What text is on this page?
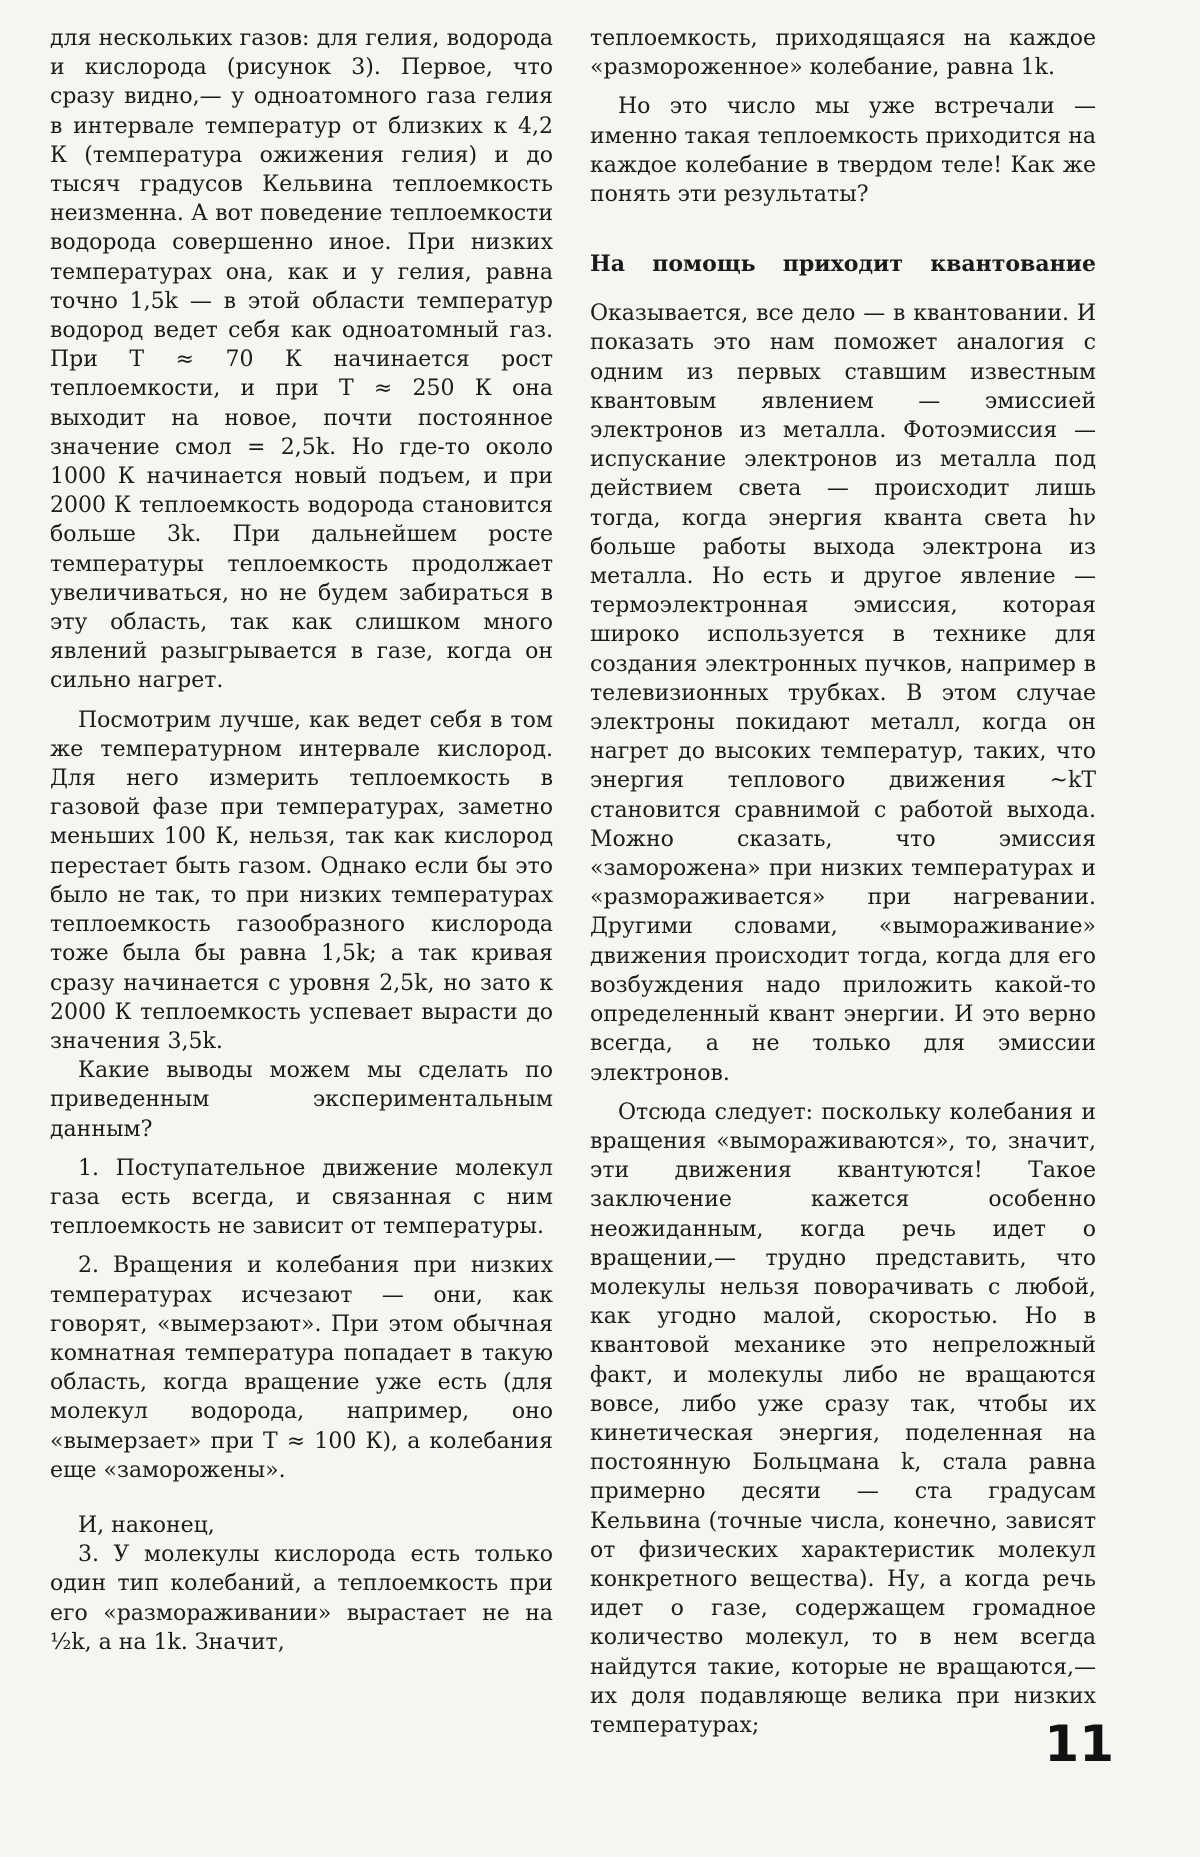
для нескольких газов: для гелия, водорода и кислорода (рисунок 3). Первое, что сразу видно,— у одноатомного газа гелия в интервале температур от близких к 4,2 К (температура ожижения гелия) и до тысяч градусов Кельвина теплоемкость неизменна. А вот поведение теплоемкости водорода совершенно иное. При низких температурах она, как и у гелия, равна точно 1,5k — в этой области температур водород ведет себя как одноатомный газ. При T ≈ 70 К начинается рост теплоемкости, и при T ≈ 250 К она выходит на новое, почти постоянное значение cмол = 2,5k. Но где-то около 1000 К начинается новый подъем, и при 2000 К теплоемкость водорода становится больше 3k. При дальнейшем росте температуры теплоемкость продолжает увеличиваться, но не будем забираться в эту область, так как слишком много явлений разыгрывается в газе, когда он сильно нагрет.

Посмотрим лучше, как ведет себя в том же температурном интервале кислород. Для него измерить теплоемкость в газовой фазе при температурах, заметно меньших 100 К, нельзя, так как кислород перестает быть газом. Однако если бы это было не так, то при низких температурах теплоемкость газообразного кислорода тоже была бы равна 1,5k; а так кривая сразу начинается с уровня 2,5k, но зато к 2000 К теплоемкость успевает вырасти до значения 3,5k.

Какие выводы можем мы сделать по приведенным экспериментальным данным?

1. Поступательное движение молекул газа есть всегда, и связанная с ним теплоемкость не зависит от температуры.

2. Вращения и колебания при низких температурах исчезают — они, как говорят, «вымерзают». При этом обычная комнатная температура попадает в такую область, когда вращение уже есть (для молекул водорода, например, оно «вымерзает» при T ≈ 100 К), а колебания еще «заморожены».

И, наконец,

3. У молекулы кислорода есть только один тип колебаний, а теплоемкость при его «размораживании» вырастает не на ½k, а на 1k. Значит,

теплоемкость, приходящаяся на каждое «размороженное» колебание, равна 1k.

Но это число мы уже встречали — именно такая теплоемкость приходится на каждое колебание в твердом теле! Как же понять эти результаты?

На помощь приходит квантование

Оказывается, все дело — в квантовании. И показать это нам поможет аналогия с одним из первых ставшим известным квантовым явлением — эмиссией электронов из металла. Фотоэмиссия — испускание электронов из металла под действием света — происходит лишь тогда, когда энергия кванта света hν больше работы выхода электрона из металла. Но есть и другое явление — термоэлектронная эмиссия, которая широко используется в технике для создания электронных пучков, например в телевизионных трубках. В этом случае электроны покидают металл, когда он нагрет до высоких температур, таких, что энергия теплового движения ~kT становится сравнимой с работой выхода. Можно сказать, что эмиссия «заморожена» при низких температурах и «размораживается» при нагревании. Другими словами, «вымораживание» движения происходит тогда, когда для его возбуждения надо приложить какой-то определенный квант энергии. И это верно всегда, а не только для эмиссии электронов.

Отсюда следует: поскольку колебания и вращения «вымораживаются», то, значит, эти движения квантуются! Такое заключение кажется особенно неожиданным, когда речь идет о вращении,— трудно представить, что молекулы нельзя поворачивать с любой, как угодно малой, скоростью. Но в квантовой механике это непреложный факт, и молекулы либо не вращаются вовсе, либо уже сразу так, чтобы их кинетическая энергия, поделенная на постоянную Больцмана k, стала равна примерно десяти — ста градусам Кельвина (точные числа, конечно, зависят от физических характеристик молекул конкретного вещества). Ну, а когда речь идет о газе, содержащем громадное количество молекул, то в нем всегда найдутся такие, которые не вращаются,— их доля подавляюще велика при низких температурах;	11
